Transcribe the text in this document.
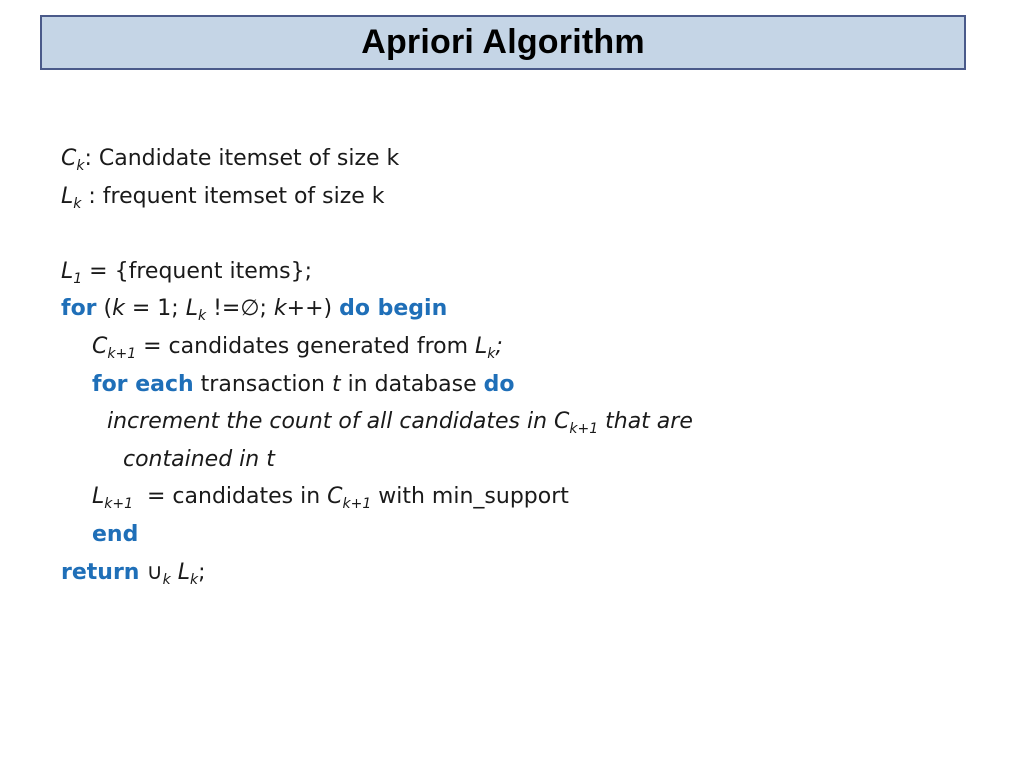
Apriori Algorithm
$C_k$: Candidate itemset of size k
$L_k$ : frequent itemset of size k
$L_1$ = {frequent items};
for (k = 1; $L_k$ !=∅; k++) do begin
$C_{k+1}$ = candidates generated from $L_k$;
for each transaction t in database do
increment the count of all candidates in $C_{k+1}$ that are
contained in t
$L_{k+1}$  = candidates in $C_{k+1}$ with min_support
end
return $\cup_k$ $L_k$;
